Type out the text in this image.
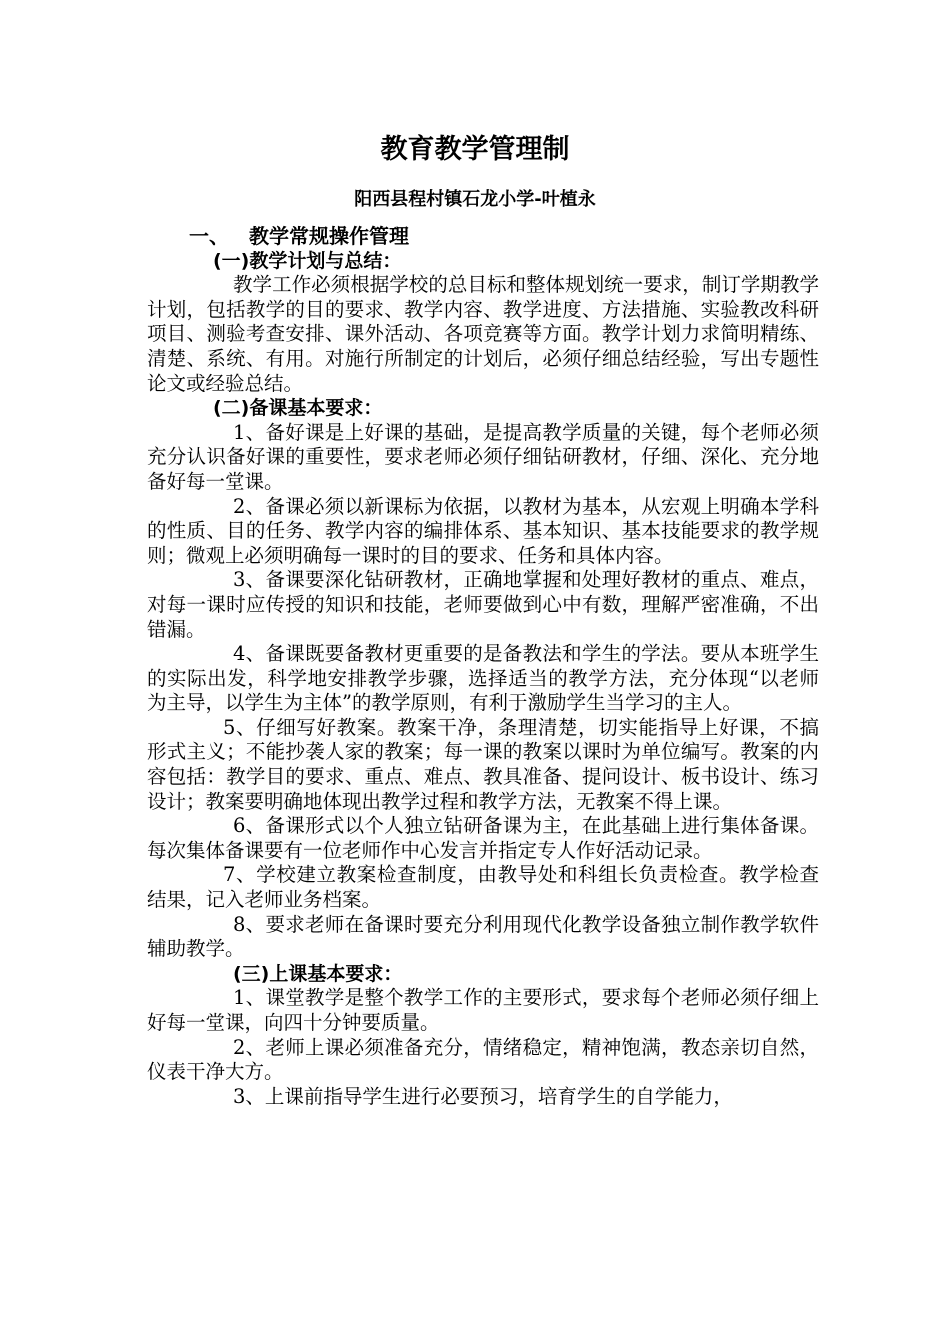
教育教学管理制
阳西县程村镇石龙小学-叶植永
一、 教学常规操作管理
(一)教学计划与总结：

教学工作必须根据学校的总目标和整体规划统一要求，制订学期教学计划，包括教学的目的要求、教学内容、教学进度、方法措施、实验教改科研项目、测验考查安排、课外活动、各项竞赛等方面。教学计划力求简明精练、清楚、系统、有用。对施行所制定的计划后，必须仔细总结经验，写出专题性论文或经验总结。

(二)备课基本要求：

1、备好课是上好课的基础，是提高教学质量的关键，每个老师必须充分认识备好课的重要性，要求老师必须仔细钻研教材，仔细、深化、充分地备好每一堂课。

2、备课必须以新课标为依据，以教材为基本，从宏观上明确本学科的性质、目的任务、教学内容的编排体系、基本知识、基本技能要求的教学规则；微观上必须明确每一课时的目的要求、任务和具体内容。

3、备课要深化钻研教材，正确地掌握和处理好教材的重点、难点，对每一课时应传授的知识和技能，老师要做到心中有数，理解严密准确，不出错漏。

4、备课既要备教材更重要的是备教法和学生的学法。要从本班学生的实际出发，科学地安排教学步骤，选择适当的教学方法，充分体现“以老师为主导，以学生为主体”的教学原则，有利于激励学生当学习的主人。

5、仔细写好教案。教案干净，条理清楚，切实能指导上好课，不搞形式主义；不能抄袭人家的教案；每一课的教案以课时为单位编写。教案的内容包括：教学目的要求、重点、难点、教具准备、提问设计、板书设计、练习设计；教案要明确地体现出教学过程和教学方法，无教案不得上课。

6、备课形式以个人独立钻研备课为主，在此基础上进行集体备课。每次集体备课要有一位老师作中心发言并指定专人作好活动记录。

7、学校建立教案检查制度，由教导处和科组长负责检查。教学检查结果，记入老师业务档案。

8、要求老师在备课时要充分利用现代化教学设备独立制作教学软件辅助教学。

(三)上课基本要求：

1、课堂教学是整个教学工作的主要形式，要求每个老师必须仔细上好每一堂课，向四十分钟要质量。

2、老师上课必须准备充分，情绪稳定，精神饱满，教态亲切自然，仪表干净大方。

3、上课前指导学生进行必要预习，培育学生的自学能力，
